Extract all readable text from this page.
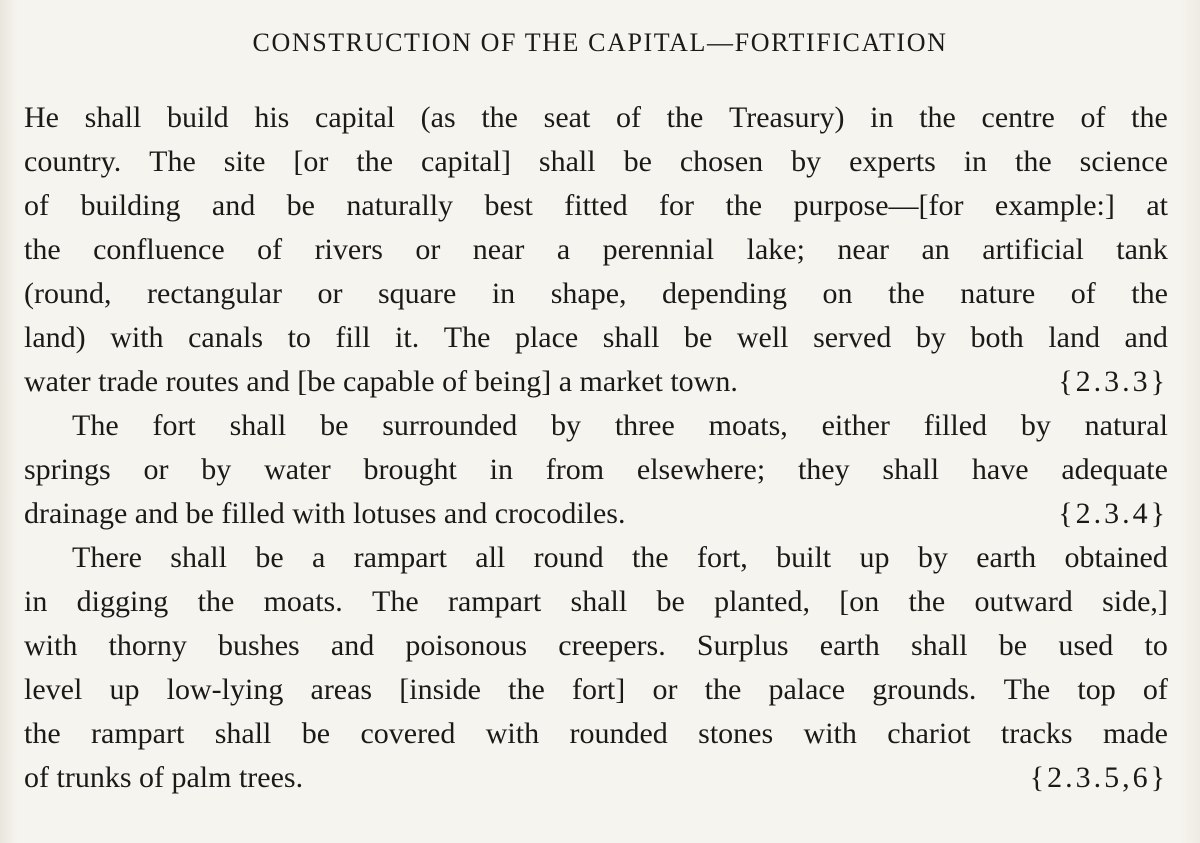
CONSTRUCTION OF THE CAPITAL—FORTIFICATION
He shall build his capital (as the seat of the Treasury) in the centre of the
country. The site [or the capital] shall be chosen by experts in the science
of building and be naturally best fitted for the purpose—[for example:] at
the confluence of rivers or near a perennial lake; near an artificial tank
(round, rectangular or square in shape, depending on the nature of the
land) with canals to fill it. The place shall be well served by both land and
water trade routes and [be capable of being] a market town.	{2.3.3}
The fort shall be surrounded by three moats, either filled by natural
springs or by water brought in from elsewhere; they shall have adequate
drainage and be filled with lotuses and crocodiles.	{2.3.4}
There shall be a rampart all round the fort, built up by earth obtained
in digging the moats. The rampart shall be planted, [on the outward side,]
with thorny bushes and poisonous creepers. Surplus earth shall be used to
level up low-lying areas [inside the fort] or the palace grounds. The top of
the rampart shall be covered with rounded stones with chariot tracks made
of trunks of palm trees.	{2.3.5,6}
